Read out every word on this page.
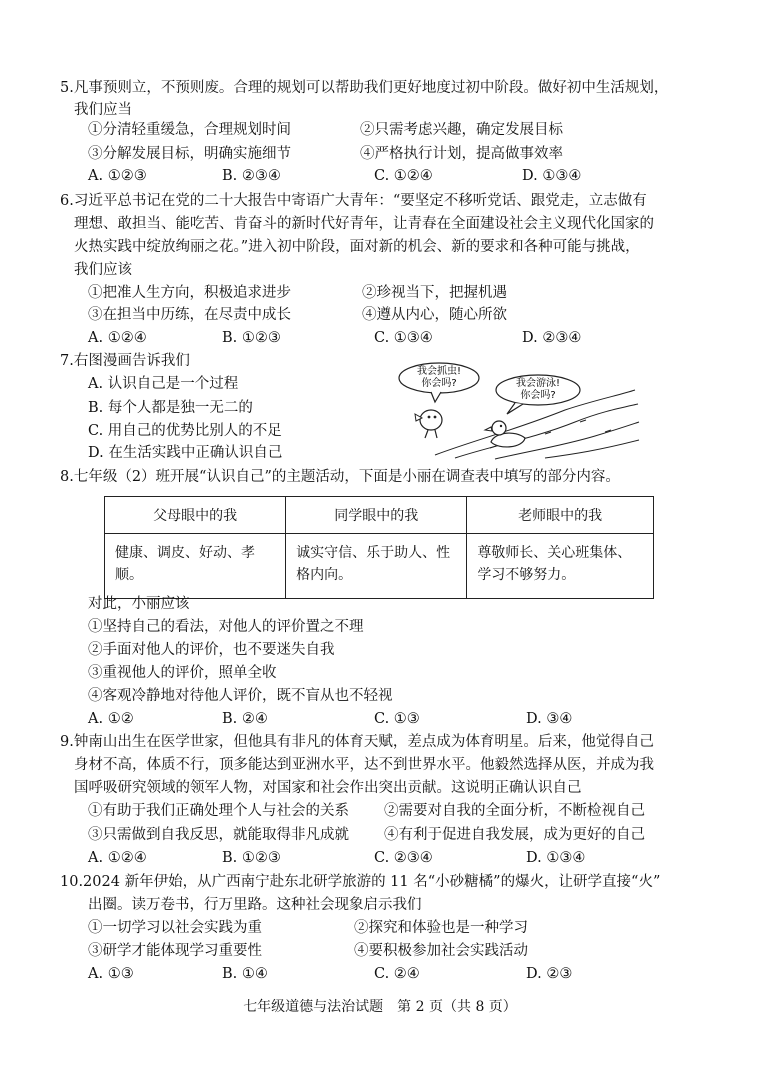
5.凡事预则立，不预则废。合理的规划可以帮助我们更好地度过初中阶段。做好初中生活规划，
我们应当
①分清轻重缓急，合理规划时间	②只需考虑兴趣，确定发展目标
③分解发展目标，明确实施细节	④严格执行计划，提高做事效率
A. ①②③	B. ②③④	C. ①②④	D. ①③④
6.习近平总书记在党的二十大报告中寄语广大青年：“要坚定不移听党话、跟党走，立志做有
理想、敢担当、能吃苦、肯奋斗的新时代好青年，让青春在全面建设社会主义现代化国家的
火热实践中绽放绚丽之花。”进入初中阶段，面对新的机会、新的要求和各种可能与挑战，
我们应该
①把准人生方向，积极追求进步	②珍视当下，把握机遇
③在担当中历练，在尽责中成长	④遵从内心，随心所欲
A. ①②④	B. ①②③	C. ①③④	D. ②③④
7.右图漫画告诉我们
A. 认识自己是一个过程
B. 每个人都是独一无二的
C. 用自己的优势比别人的不足
D. 在生活实践中正确认识自己
我会抓虫!
你会吗?	我会游泳!
你会吗?
8.七年级（2）班开展“认识自己”的主题活动，下面是小丽在调查表中填写的部分内容。
父母眼中的我	同学眼中的我	老师眼中的我
健康、调皮、好动、孝顺。	诚实守信、乐于助人、性格内向。	尊敬师长、关心班集体、学习不够努力。
对此，小丽应该
①坚持自己的看法，对他人的评价置之不理
②手面对他人的评价，也不要迷失自我
③重视他人的评价，照单全收
④客观冷静地对待他人评价，既不盲从也不轻视
A. ①②	B. ②④	C. ①③	D. ③④
9.钟南山出生在医学世家，但他具有非凡的体育天赋，差点成为体育明星。后来，他觉得自己
身材不高，体质不行，顶多能达到亚洲水平，达不到世界水平。他毅然选择从医，并成为我
国呼吸研究领域的领军人物，对国家和社会作出突出贡献。这说明正确认识自己
①有助于我们正确处理个人与社会的关系 ②需要对自我的全面分析，不断检视自己
③只需做到自我反思，就能取得非凡成就 ④有利于促进自我发展，成为更好的自己
A. ①②④	B. ①②③	C. ②③④	D. ①③④
10.2024 新年伊始，从广西南宁赴东北研学旅游的 11 名“小砂糖橘”的爆火，让研学直接“火”
出圈。读万卷书，行万里路。这种社会现象启示我们
①一切学习以社会实践为重	②探究和体验也是一种学习
③研学才能体现学习重要性	④要积极参加社会实践活动
A. ①③	B. ①④	C. ②④	D. ②③
七年级道德与法治试题　第 2 页（共 8 页）
